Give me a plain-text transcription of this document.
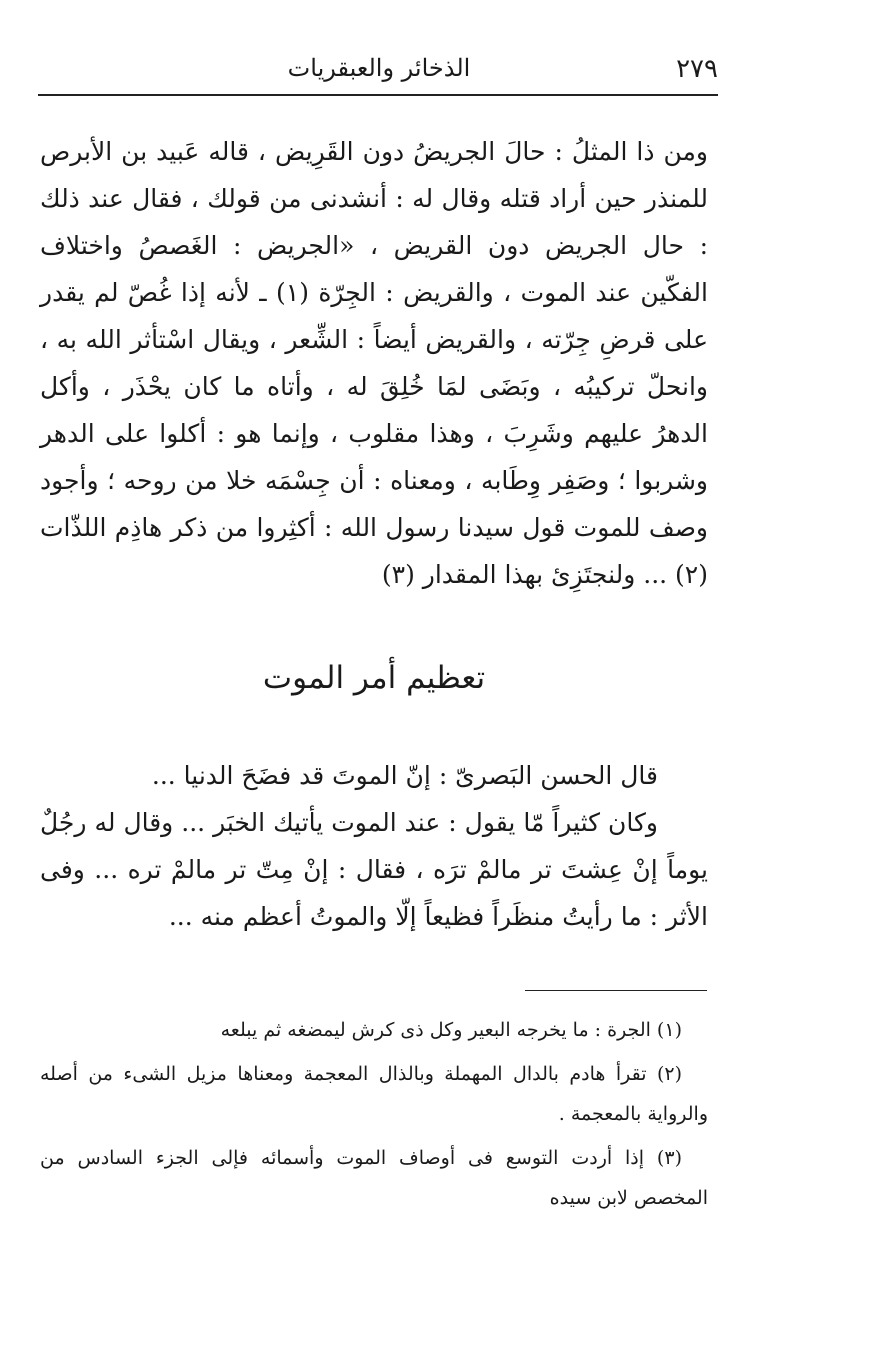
٢٧٩
الذخائر والعبقريات

ومن ذا المثلُ : حالَ الجريضُ دون القَرِيض ، قاله عَبيد بن الأبرص للمنذر حين أراد قتله وقال له : أنشدنى من قولك ، فقال عند ذلك : حال الجريض دون القريض ، «الجريض : الغَصصُ واختلاف الفكّين عند الموت ، والقريض : الجِرّة (١) ـ لأنه إذا غُصّ لم يقدر على قرضِ جِرّته ، والقريض أيضاً : الشِّعر ، ويقال اسْتأثر الله به ، وانحلّ تركيبُه ، وبَضَى لمَا خُلِقَ له ، وأتاه ما كان يحْذَر ، وأكل الدهرُ عليهم وشَرِبَ ، وهذا مقلوب ، وإنما هو : أكلوا على الدهر وشربوا ؛ وصَفِر وِطَابه ، ومعناه : أن جِسْمَه خلا من روحه ؛ وأجود وصف للموت قول سيدنا رسول الله : أكثِروا من ذكر هاذِم اللذّات (٢) ... ولنجتَزِئ بهذا المقدار (٣)

تعظيم أمر الموت

قال الحسن البَصرىّ : إنّ الموتَ قد فضَحَ الدنيا ...

وكان كثيراً مّا يقول : عند الموت يأتيك الخبَر ... وقال له رجُلٌ يوماً إنْ عِشتَ تر مالمْ ترَه ، فقال : إنْ مِتّ تر مالمْ تره ... وفى الأثر : ما رأيتُ منظَراً فظيعاً إلّا والموتُ أعظم منه ...

(١) الجرة : ما يخرجه البعير وكل ذى كرش ليمضغه ثم يبلعه

(٢) تقرأ هادم بالدال المهملة وبالذال المعجمة ومعناها مزيل الشىء من أصله والرواية بالمعجمة .

(٣) إذا أردت التوسع فى أوصاف الموت وأسمائه فإلى الجزء السادس من المخصص لابن سيده
